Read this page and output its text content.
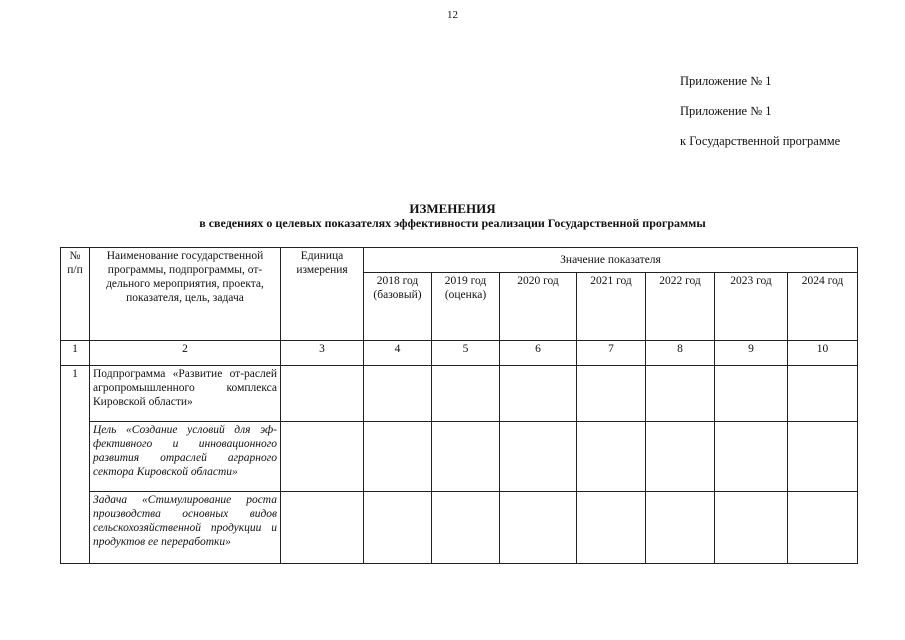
12
Приложение № 1
Приложение № 1
к Государственной программе
ИЗМЕНЕНИЯ
в сведениях о целевых показателях эффективности реализации Государственной программы
№ п/п	Наименование государственной программы, подпрограммы, от-дельного мероприятия, проекта, показателя, цель, задача	Единица измерения	Значение показателя						
			2018 год (базовый)	2019 год (оценка)	2020 год	2021 год	2022 год	2023 год	2024 год
1	2	3	4	5	6	7	8	9	10
1	Подпрограмма «Развитие от-раслей агропромышленного комплекса Кировской области»								
	Цель «Создание условий для эф-фективного и инновационного развития отраслей аграрного сектора Кировской области»								
	Задача «Стимулирование роста производства основных видов сельскохозяйственной продукции и продуктов ее переработки»								
